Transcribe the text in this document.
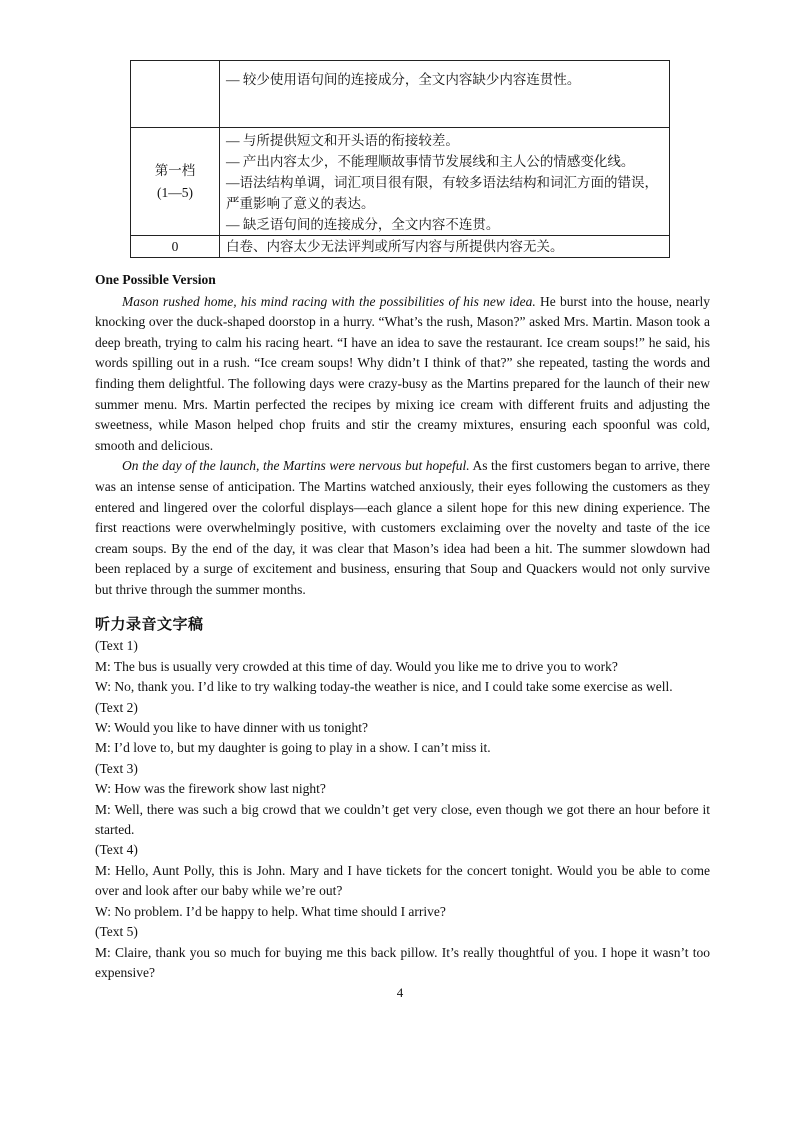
	— 较少使用语句间的连接成分，全文内容缺少内容连贯性。

第一档
(1—5)	— 与所提供短文和开头语的衔接较差。
— 产出内容太少，不能理顺故事情节发展线和主人公的情感变化线。
—语法结构单调，词汇项目很有限，有较多语法结构和词汇方面的错误，严重影响了意义的表达。
— 缺乏语句间的连接成分，全文内容不连贯。

0	白卷、内容太少无法评判或所写内容与所提供内容无关。
One Possible Version

Mason rushed home, his mind racing with the possibilities of his new idea. He burst into the house, nearly knocking over the duck-shaped doorstop in a hurry. “What’s the rush, Mason?” asked Mrs. Martin. Mason took a deep breath, trying to calm his racing heart. “I have an idea to save the restaurant. Ice cream soups!” he said, his words spilling out in a rush. “Ice cream soups! Why didn’t I think of that?” she repeated, tasting the words and finding them delightful. The following days were crazy-busy as the Martins prepared for the launch of their new summer menu. Mrs. Martin perfected the recipes by mixing ice cream with different fruits and adjusting the sweetness, while Mason helped chop fruits and stir the creamy mixtures, ensuring each spoonful was cold, smooth and delicious.

On the day of the launch, the Martins were nervous but hopeful. As the first customers began to arrive, there was an intense sense of anticipation. The Martins watched anxiously, their eyes following the customers as they entered and lingered over the colorful displays—each glance a silent hope for this new dining experience. The first reactions were overwhelmingly positive, with customers exclaiming over the novelty and taste of the ice cream soups. By the end of the day, it was clear that Mason’s idea had been a hit. The summer slowdown had been replaced by a surge of excitement and business, ensuring that Soup and Quackers would not only survive but thrive through the summer months.

听力录音文字稿
(Text 1)
M: The bus is usually very crowded at this time of day. Would you like me to drive you to work?
W: No, thank you. I’d like to try walking today-the weather is nice, and I could take some exercise as well.
(Text 2)
W: Would you like to have dinner with us tonight?
M: I’d love to, but my daughter is going to play in a show. I can’t miss it.
(Text 3)
W: How was the firework show last night?
M: Well, there was such a big crowd that we couldn’t get very close, even though we got there an hour before it started.
(Text 4)
M: Hello, Aunt Polly, this is John. Mary and I have tickets for the concert tonight. Would you be able to come over and look after our baby while we’re out?
W: No problem. I’d be happy to help. What time should I arrive?
(Text 5)
M: Claire, thank you so much for buying me this back pillow. It’s really thoughtful of you. I hope it wasn’t too expensive?
4
